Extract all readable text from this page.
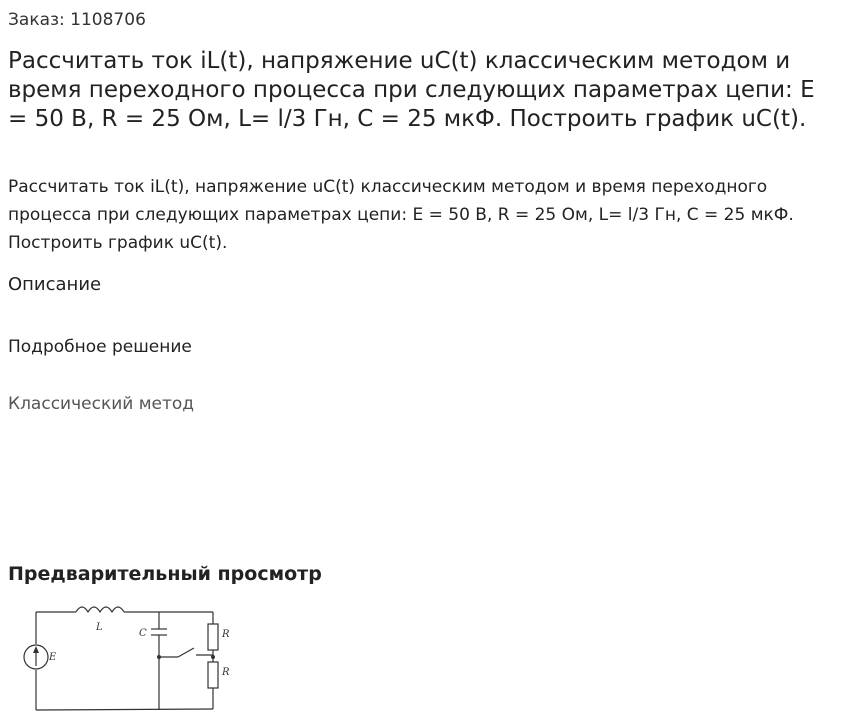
Заказ: 1108706
Рассчитать ток iL(t), напряжение uC(t) классическим методом и время переходного процесса при следующих параметрах цепи: E = 50 B, R = 25 Ом, L= l/3 Гн, C = 25 мкФ. Построить график uC(t).

Рассчитать ток iL(t), напряжение uC(t) классическим методом и время переходного процесса при следующих параметрах цепи: E = 50 B, R = 25 Ом, L= l/3 Гн, C = 25 мкФ. Построить график uC(t).

Описание
Подробное решение
Классический метод
Предварительный просмотр
L
C
E
R
R
